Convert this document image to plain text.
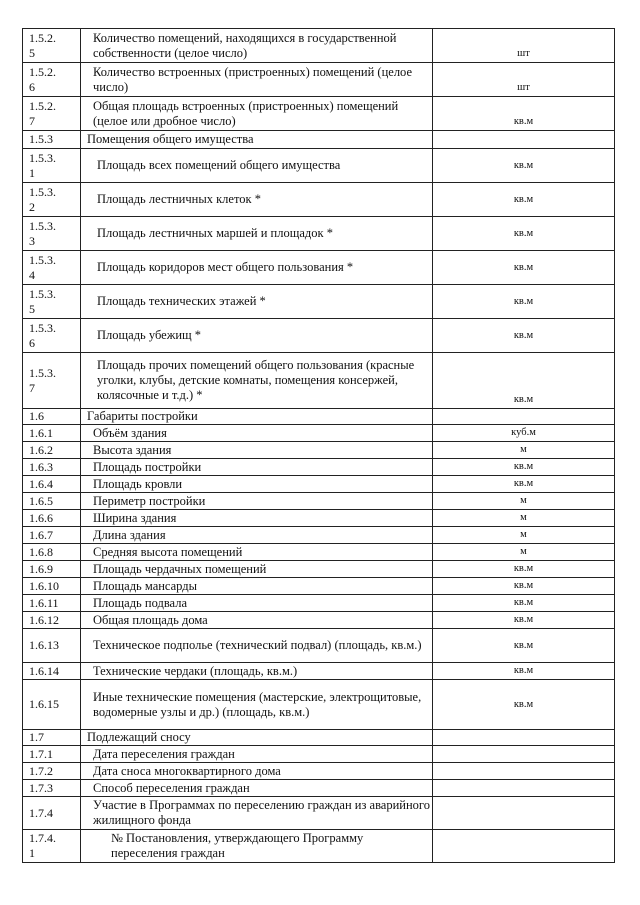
1.5.2.
5	Количество помещений, находящихся в государственной собственности (целое число)	шт
1.5.2.
6	Количество встроенных (пристроенных) помещений (целое число)	шт
1.5.2.
7	Общая площадь встроенных (пристроенных) помещений (целое или дробное число)	кв.м
1.5.3	Помещения общего имущества	
1.5.3.
1	Площадь всех помещений общего имущества	кв.м
1.5.3.
2	Площадь лестничных клеток *	кв.м
1.5.3.
3	Площадь лестничных маршей и площадок *	кв.м
1.5.3.
4	Площадь коридоров мест общего пользования *	кв.м
1.5.3.
5	Площадь технических этажей *	кв.м
1.5.3.
6	Площадь убежищ *	кв.м
1.5.3.
7	Площадь прочих помещений общего пользования (красные уголки, клубы, детские комнаты, помещения консержей, колясочные и т.д.) *	кв.м
1.6	Габариты постройки	
1.6.1	Объём здания	куб.м
1.6.2	Высота здания	м
1.6.3	Площадь постройки	кв.м
1.6.4	Площадь кровли	кв.м
1.6.5	Периметр постройки	м
1.6.6	Ширина здания	м
1.6.7	Длина здания	м
1.6.8	Средняя высота помещений	м
1.6.9	Площадь чердачных помещений	кв.м
1.6.10	Площадь мансарды	кв.м
1.6.11	Площадь подвала	кв.м
1.6.12	Общая площадь дома	кв.м
1.6.13	Техническое подполье (технический подвал) (площадь, кв.м.)	кв.м
1.6.14	Технические чердаки (площадь, кв.м.)	кв.м
1.6.15	Иные технические помещения (мастерские, электрощитовые, водомерные узлы и др.) (площадь, кв.м.)	кв.м
1.7	Подлежащий сносу	
1.7.1	Дата переселения граждан	
1.7.2	Дата сноса многоквартирного дома	
1.7.3	Способ переселения граждан	
1.7.4	Участие в Программах по переселению граждан из аварийного жилищного фонда	
1.7.4.
1	№ Постановления, утверждающего Программу переселения граждан	
